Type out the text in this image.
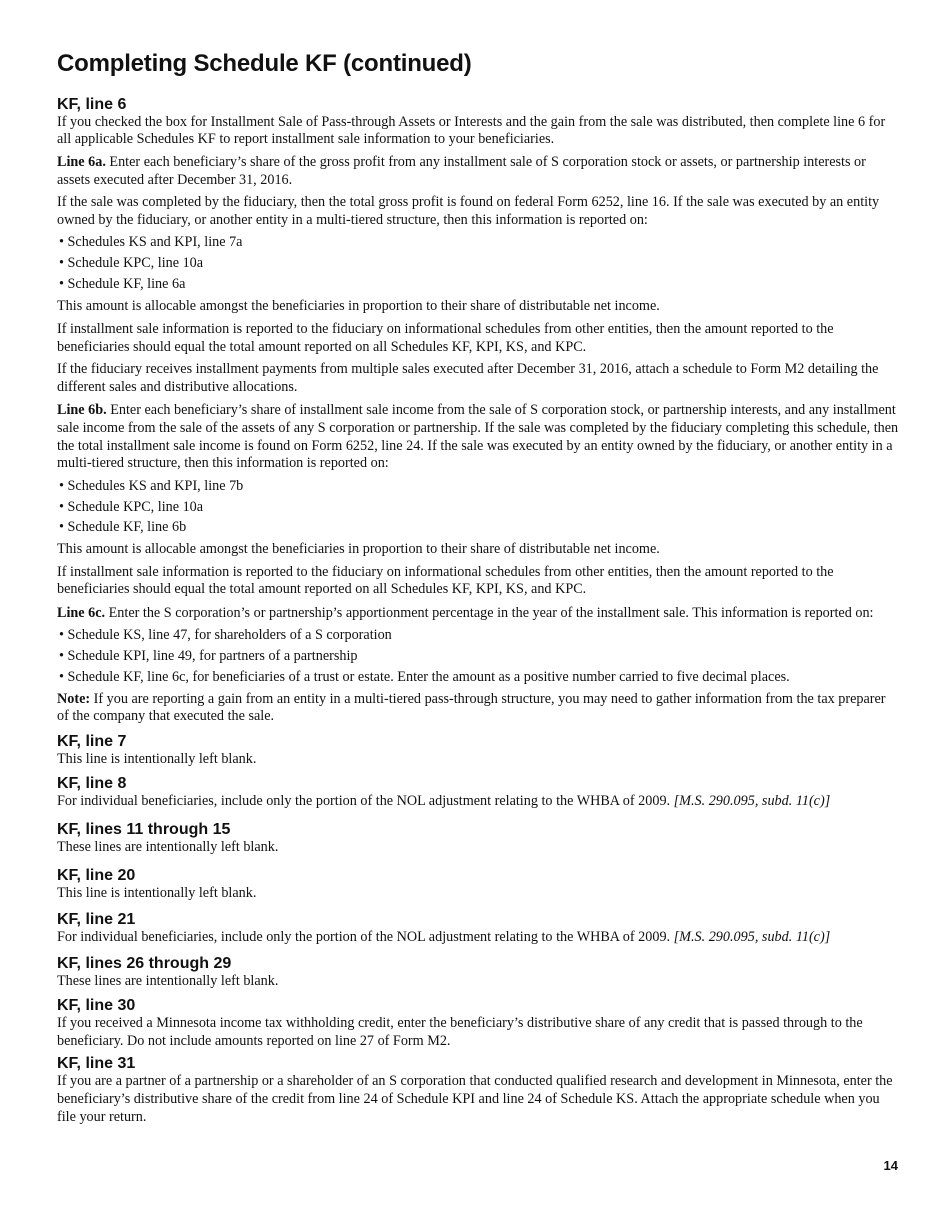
Completing Schedule KF (continued)
KF, line 6

If you checked the box for Installment Sale of Pass-through Assets or Interests and the gain from the sale was distributed, then complete line 6 for all applicable Schedules KF to report installment sale information to your beneficiaries.

Line 6a. Enter each beneficiary’s share of the gross profit from any installment sale of S corporation stock or assets, or partnership interests or assets executed after December 31, 2016.

If the sale was completed by the fiduciary, then the total gross profit is found on federal Form 6252, line 16. If the sale was executed by an entity owned by the fiduciary, or another entity in a multi-tiered structure, then this information is reported on:

• Schedules KS and KPI, line 7a
• Schedule KPC, line 10a
• Schedule KF, line 6a

This amount is allocable amongst the beneficiaries in proportion to their share of distributable net income.

If installment sale information is reported to the fiduciary on informational schedules from other entities, then the amount reported to the beneficiaries should equal the total amount reported on all Schedules KF, KPI, KS, and KPC.

If the fiduciary receives installment payments from multiple sales executed after December 31, 2016, attach a schedule to Form M2 detailing the different sales and distributive allocations.

Line 6b. Enter each beneficiary’s share of installment sale income from the sale of S corporation stock, or partnership interests, and any installment sale income from the sale of the assets of any S corporation or partnership. If the sale was completed by the fiduciary completing this schedule, then the total installment sale income is found on Form 6252, line 24. If the sale was executed by an entity owned by the fiduciary, or another entity in a multi-tiered structure, then this information is reported on:

• Schedules KS and KPI, line 7b
• Schedule KPC, line 10a
• Schedule KF, line 6b

This amount is allocable amongst the beneficiaries in proportion to their share of distributable net income.

If installment sale information is reported to the fiduciary on informational schedules from other entities, then the amount reported to the beneficiaries should equal the total amount reported on all Schedules KF, KPI, KS, and KPC.

Line 6c. Enter the S corporation’s or partnership’s apportionment percentage in the year of the installment sale. This information is reported on:

• Schedule KS, line 47, for shareholders of a S corporation
• Schedule KPI, line 49, for partners of a partnership
• Schedule KF, line 6c, for beneficiaries of a trust or estate. Enter the amount as a positive number carried to five decimal places.

Note: If you are reporting a gain from an entity in a multi-tiered pass-through structure, you may need to gather information from the tax preparer of the company that executed the sale.

KF, line 7

This line is intentionally left blank.

KF, line 8

For individual beneficiaries, include only the portion of the NOL adjustment relating to the WHBA of 2009. [M.S. 290.095, subd. 11(c)]

KF, lines 11 through 15

These lines are intentionally left blank.

KF, line 20

This line is intentionally left blank.

KF, line 21

For individual beneficiaries, include only the portion of the NOL adjustment relating to the WHBA of 2009. [M.S. 290.095, subd. 11(c)]

KF, lines 26 through 29

These lines are intentionally left blank.

KF, line 30

If you received a Minnesota income tax withholding credit, enter the beneficiary’s distributive share of any credit that is passed through to the beneficiary. Do not include amounts reported on line 27 of Form M2.

KF, line 31

If you are a partner of a partnership or a shareholder of an S corporation that conducted qualified research and development in Minnesota, enter the beneficiary’s distributive share of the credit from line 24 of Schedule KPI and line 24 of Schedule KS. Attach the appropriate schedule when you file your return.

14
